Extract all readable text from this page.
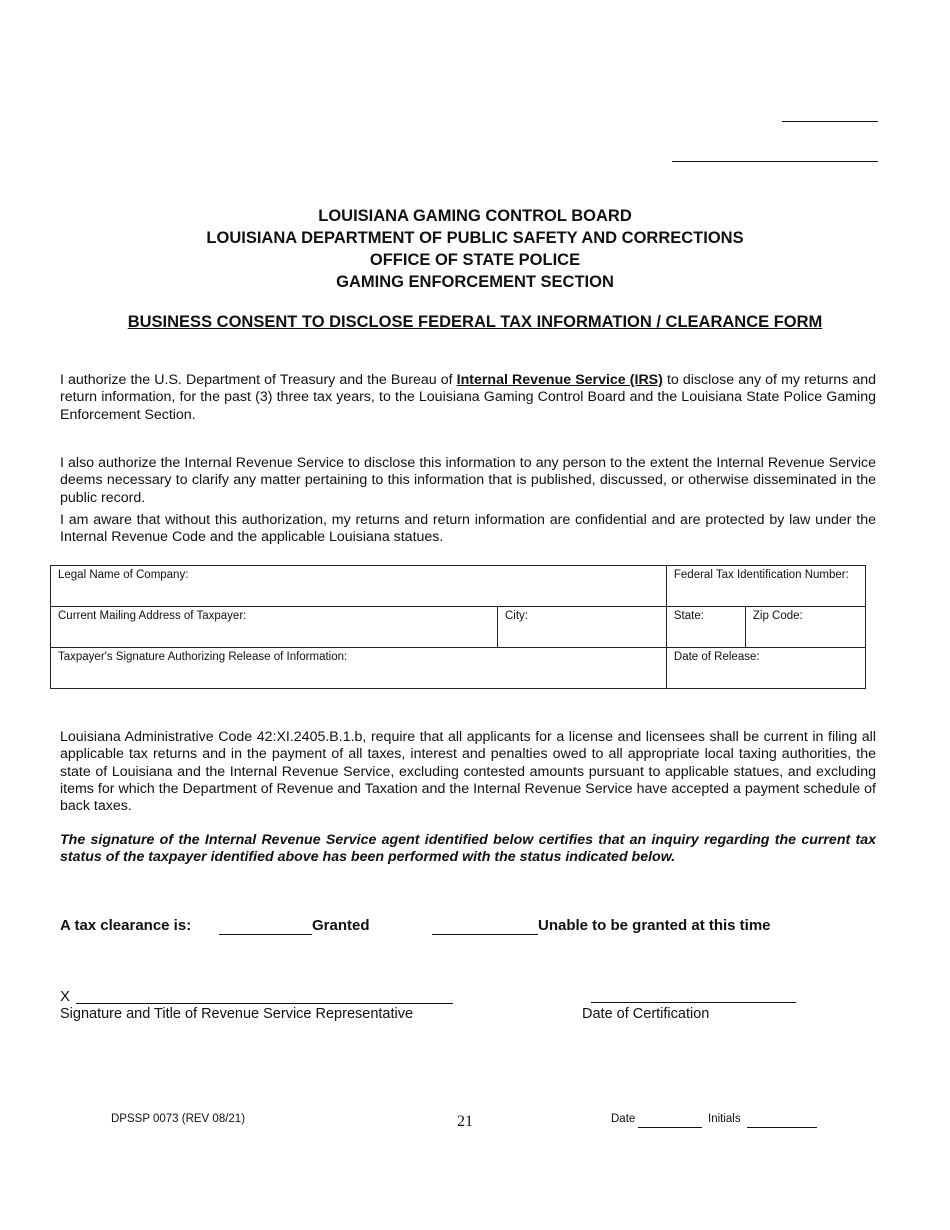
LOUISIANA GAMING CONTROL BOARD
LOUISIANA DEPARTMENT OF PUBLIC SAFETY AND CORRECTIONS
OFFICE OF STATE POLICE
GAMING ENFORCEMENT SECTION
BUSINESS CONSENT TO DISCLOSE FEDERAL TAX INFORMATION / CLEARANCE FORM
I authorize the U.S. Department of Treasury and the Bureau of Internal Revenue Service (IRS) to disclose any of my returns and return information, for the past (3) three tax years, to the Louisiana Gaming Control Board and the Louisiana State Police Gaming Enforcement Section.
I also authorize the Internal Revenue Service to disclose this information to any person to the extent the Internal Revenue Service deems necessary to clarify any matter pertaining to this information that is published, discussed, or otherwise disseminated in the public record.
I am aware that without this authorization, my returns and return information are confidential and are protected by law under the Internal Revenue Code and the applicable Louisiana statues.
Legal Name of Company:		Federal Tax Identification Number:	
Current Mailing Address of Taxpayer:	City:	State:	Zip Code:
Taxpayer's Signature Authorizing Release of Information:		Date of Release:	
Louisiana Administrative Code 42:XI.2405.B.1.b, require that all applicants for a license and licensees shall be current in filing all applicable tax returns and in the payment of all taxes, interest and penalties owed to all appropriate local taxing authorities, the state of Louisiana and the Internal Revenue Service, excluding contested amounts pursuant to applicable statues, and excluding items for which the Department of Revenue and Taxation and the Internal Revenue Service have accepted a payment schedule of back taxes.
The signature of the Internal Revenue Service agent identified below certifies that an inquiry regarding the current tax status of the taxpayer identified above has been performed with the status indicated below.
A tax clearance is:	Granted	Unable to be granted at this time
X
Signature and Title of Revenue Service Representative	Date of Certification
DPSSP 0073 (REV 08/21)	21	Date	Initials
